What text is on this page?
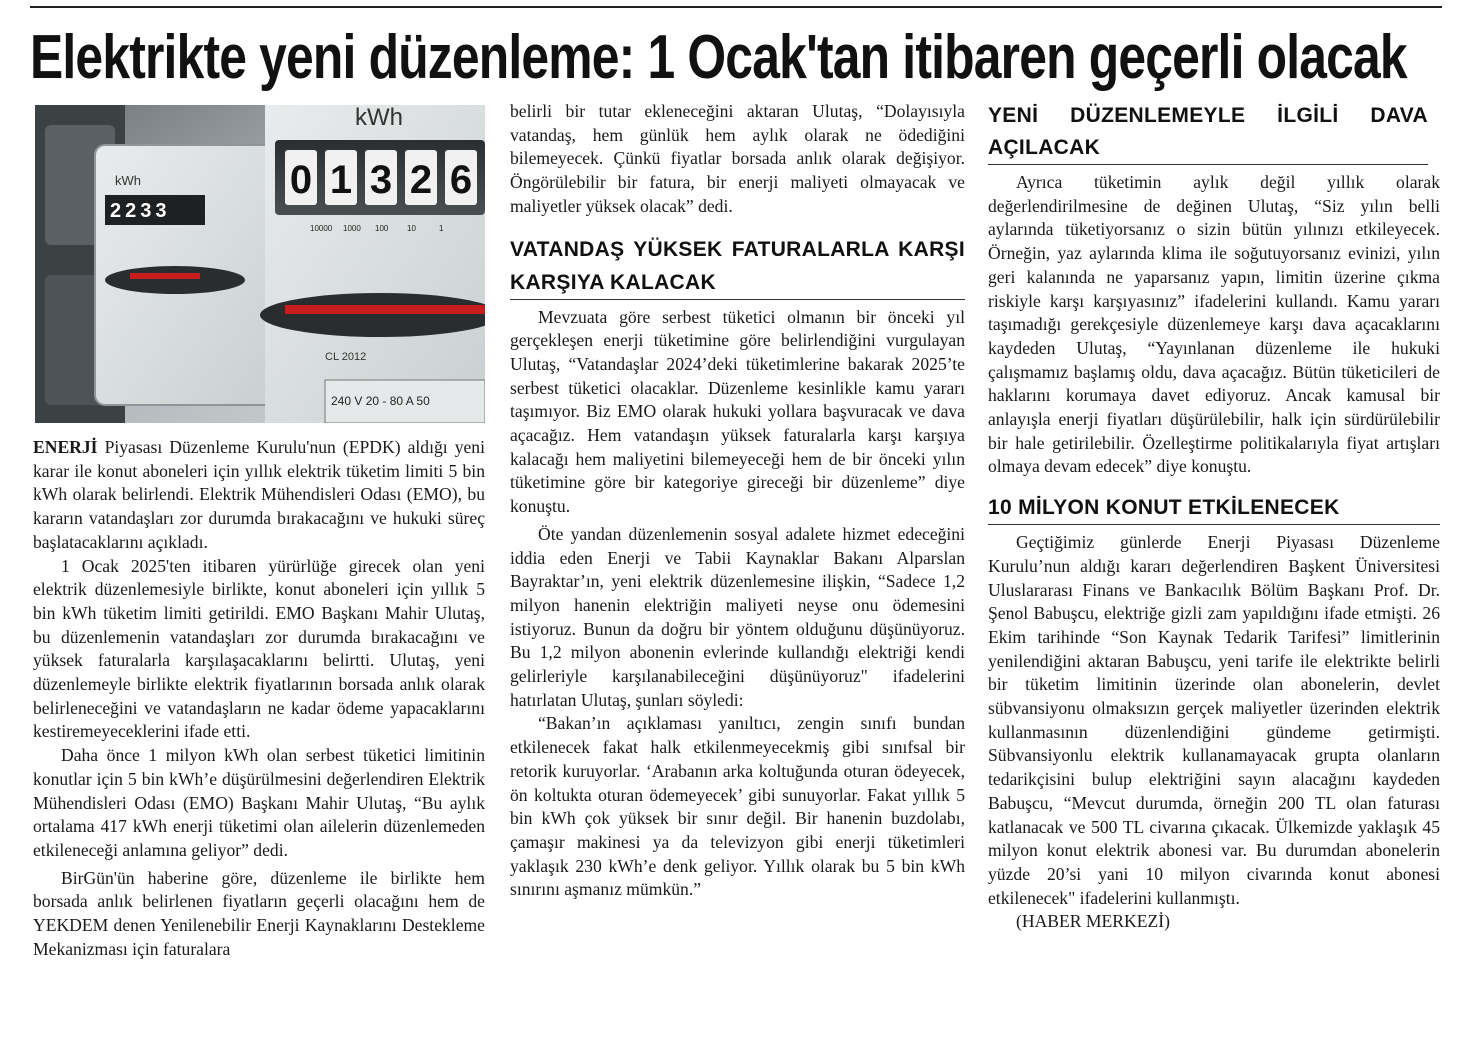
Elektrikte yeni düzenleme: 1 Ocak'tan itibaren geçerli olacak
kWh
0 1 3 2 6
kWh
2233
10000 1000 100 10	1
CL 2012
240 V 20 - 80 A 50

ENERJİ Piyasası Düzenleme Kurulu'nun (EPDK) aldığı yeni karar ile konut aboneleri için yıllık elektrik tüketim limiti 5 bin kWh olarak belirlendi. Elektrik Mühendisleri Odası (EMO), bu kararın vatandaşları zor durumda bırakacağını ve hukuki süreç başlatacaklarını açıkladı.

1 Ocak 2025'ten itibaren yürürlüğe girecek olan yeni elektrik düzenlemesiyle birlikte, konut aboneleri için yıllık 5 bin kWh tüketim limiti getirildi. EMO Başkanı Mahir Ulutaş, bu düzenlemenin vatandaşları zor durumda bırakacağını ve yüksek faturalarla karşılaşacaklarını belirtti. Ulutaş, yeni düzenlemeyle birlikte elektrik fiyatlarının borsada anlık olarak belirleneceğini ve vatandaşların ne kadar ödeme yapacaklarını kestiremeyeceklerini ifade etti.

Daha önce 1 milyon kWh olan serbest tüketici limitinin konutlar için 5 bin kWh’e düşürülmesini değerlendiren Elektrik Mühendisleri Odası (EMO) Başkanı Mahir Ulutaş, “Bu aylık ortalama 417 kWh enerji tüketimi olan ailelerin düzenlemeden etkileneceği anlamına geliyor” dedi.

BirGün'ün haberine göre, düzenleme ile birlikte hem borsada anlık belirlenen fiyatların geçerli olacağını hem de YEKDEM denen Yenilenebilir Enerji Kaynaklarını Destekleme Mekanizması için faturalara

belirli bir tutar ekleneceğini aktaran Ulutaş, “Dolayısıyla vatandaş, hem günlük hem aylık olarak ne ödediğini bilemeyecek. Çünkü fiyatlar borsada anlık olarak değişiyor. Öngörülebilir bir fatura, bir enerji maliyeti olmayacak ve maliyetler yüksek olacak” dedi.

VATANDAŞ YÜKSEK FATURALARLA KARŞI KARŞIYA KALACAK

Mevzuata göre serbest tüketici olmanın bir önceki yıl gerçekleşen enerji tüketimine göre belirlendiğini vurgulayan Ulutaş, “Vatandaşlar 2024’deki tüketimlerine bakarak 2025’te serbest tüketici olacaklar. Düzenleme kesinlikle kamu yararı taşımıyor. Biz EMO olarak hukuki yollara başvuracak ve dava açacağız. Hem vatandaşın yüksek faturalarla karşı karşıya kalacağı hem maliyetini bilemeyeceği hem de bir önceki yılın tüketimine göre bir kategoriye gireceği bir düzenleme” diye konuştu.

Öte yandan düzenlemenin sosyal adalete hizmet edeceğini iddia eden Enerji ve Tabii Kaynaklar Bakanı Alparslan Bayraktar’ın, yeni elektrik düzenlemesine ilişkin, “Sadece 1,2 milyon hanenin elektriğin maliyeti neyse onu ödemesini istiyoruz. Bunun da doğru bir yöntem olduğunu düşünüyoruz. Bu 1,2 milyon abonenin evlerinde kullandığı elektriği kendi gelirleriyle karşılanabileceğini düşünüyoruz" ifadelerini hatırlatan Ulutaş, şunları söyledi:

“Bakan’ın açıklaması yanıltıcı, zengin sınıfı bundan etkilenecek fakat halk etkilenmeyecekmiş gibi sınıfsal bir retorik kuruyorlar. ‘Arabanın arka koltuğunda oturan ödeyecek, ön koltukta oturan ödemeyecek’ gibi sunuyorlar. Fakat yıllık 5 bin kWh çok yüksek bir sınır değil. Bir hanenin buzdolabı, çamaşır makinesi ya da televizyon gibi enerji tüketimleri yaklaşık 230 kWh’e denk geliyor. Yıllık olarak bu 5 bin kWh sınırını aşmanız mümkün.”

YENİ DÜZENLEMEYLE İLGİLİ DAVA AÇILACAK

Ayrıca tüketimin aylık değil yıllık olarak değerlendirilmesine de değinen Ulutaş, “Siz yılın belli aylarında tüketiyorsanız o sizin bütün yılınızı etkileyecek. Örneğin, yaz aylarında klima ile soğutuyorsanız evinizi, yılın geri kalanında ne yaparsanız yapın, limitin üzerine çıkma riskiyle karşı karşıyasınız” ifadelerini kullandı. Kamu yararı taşımadığı gerekçesiyle düzenlemeye karşı dava açacaklarını kaydeden Ulutaş, “Yayınlanan düzenleme ile hukuki çalışmamız başlamış oldu, dava açacağız. Bütün tüketicileri de haklarını korumaya davet ediyoruz. Ancak kamusal bir anlayışla enerji fiyatları düşürülebilir, halk için sürdürülebilir bir hale getirilebilir. Özelleştirme politikalarıyla fiyat artışları olmaya devam edecek” diye konuştu.

10 MİLYON KONUT ETKİLENECEK

Geçtiğimiz günlerde Enerji Piyasası Düzenleme Kurulu’nun aldığı kararı değerlendiren Başkent Üniversitesi Uluslararası Finans ve Bankacılık Bölüm Başkanı Prof. Dr. Şenol Babuşcu, elektriğe gizli zam yapıldığını ifade etmişti. 26 Ekim tarihinde “Son Kaynak Tedarik Tarifesi” limitlerinin yenilendiğini aktaran Babuşcu, yeni tarife ile elektrikte belirli bir tüketim limitinin üzerinde olan abonelerin, devlet sübvansiyonu olmaksızın gerçek maliyetler üzerinden elektrik kullanmasının düzenlendiğini gündeme getirmişti. Sübvansiyonlu elektrik kullanamayacak grupta olanların tedarikçisini bulup elektriğini sayın alacağını kaydeden Babuşcu, “Mevcut durumda, örneğin 200 TL olan faturası katlanacak ve 500 TL civarına çıkacak. Ülkemizde yaklaşık 45 milyon konut elektrik abonesi var. Bu durumdan abonelerin yüzde 20’si yani 10 milyon civarında konut abonesi etkilenecek" ifadelerini kullanmıştı.

(HABER MERKEZİ)
